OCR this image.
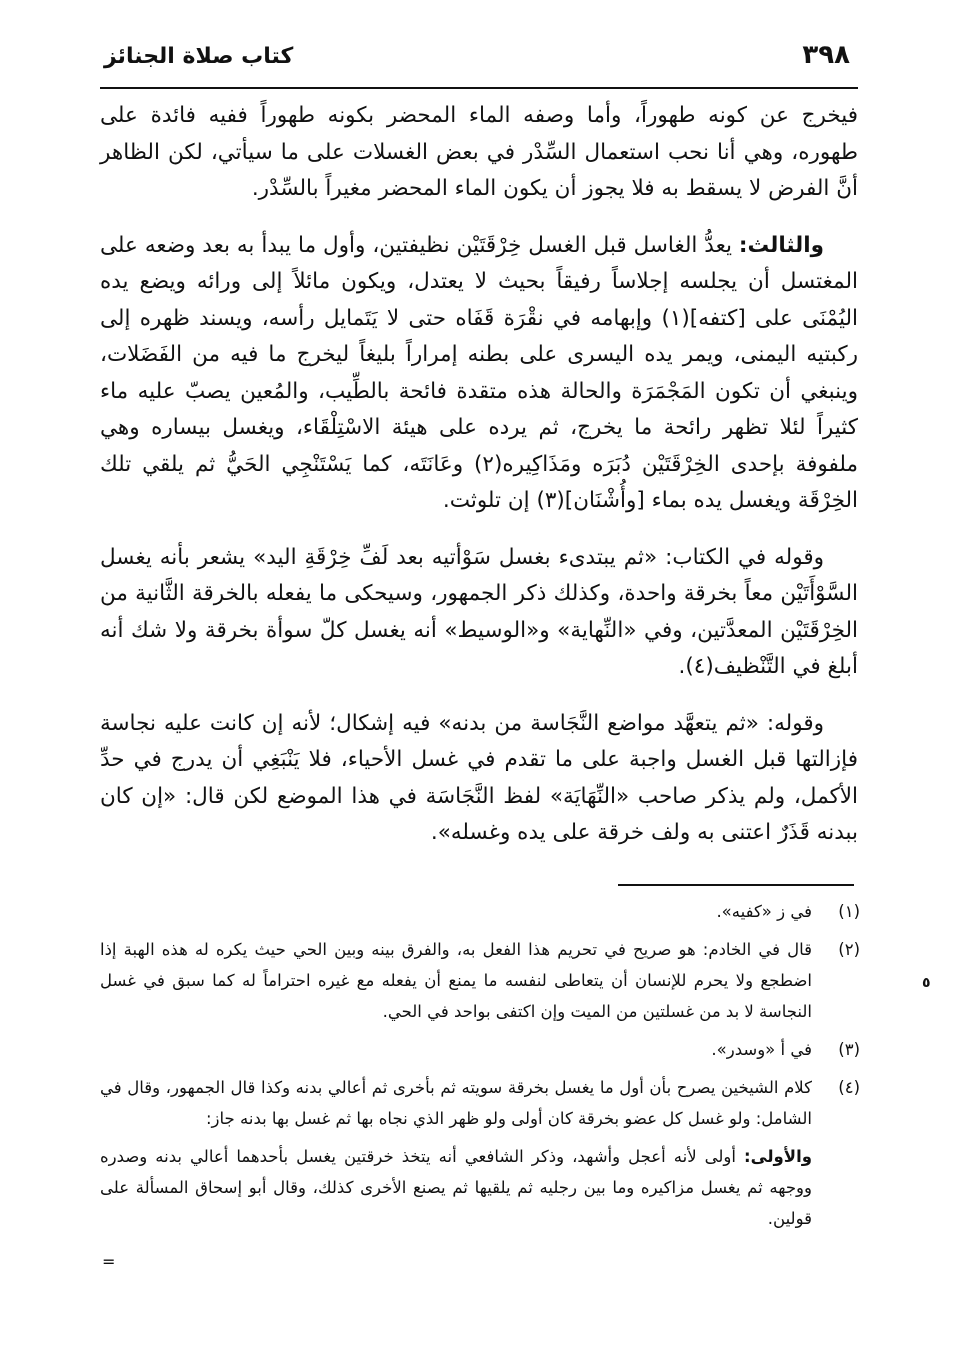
٣٩٨
كتاب صلاة الجنائز

فيخرج عن كونه طهوراً، وأما وصفه الماء المحضر بكونه طهوراً ففيه فائدة على طهوره، وهي أنا نحب استعمال السِّدْر في بعض الغسلات على ما سيأتي، لكن الظاهر أنَّ الفرض لا يسقط به فلا يجوز أن يكون الماء المحضر مغيراً بالسِّدْر.

والثالث: يعدُّ الغاسل قبل الغسل خِرْقَتَيْن نظيفتين، وأول ما يبدأ به بعد وضعه على المغتسل أن يجلسه إجلاساً رفيقاً بحيث لا يعتدل، ويكون مائلاً إلى ورائه ويضع يده اليُمْنَى على [كتفه](١) وإبهامه في نقْرَة قَفَاه حتى لا يَتَمايل رأسه، ويسند ظهره إلى ركبتيه اليمنى، ويمر يده اليسرى على بطنه إمراراً بليغاً ليخرج ما فيه من الفَضَلات، وينبغي أن تكون المَجْمَرَة والحالة هذه متقدة فائحة بالطِّيب، والمُعين يصبّ عليه ماء كثيراً لئلا تظهر رائحة ما يخرج، ثم يرده على هيئة الاسْتِلْقَاء، ويغسل بيساره وهي ملفوفة بإحدى الخِرْقَتَيْن دُبَرَه ومَذَاكِيره(٢) وعَانَتَه، كما يَسْتَنْجِي الحَيُّ ثم يلقي تلك الخِرْقَة ويغسل يده بماء [وأُشْنَان](٣) إن تلوثت.

وقوله في الكتاب: «ثم يبتدىء بغسل سَوْأتيه بعد لَفِّ خِرْقَةِ اليد» يشعر بأنه يغسل السَّوْأَتَيْن معاً بخرقة واحدة، وكذلك ذكر الجمهور، وسيحكى ما يفعله بالخرقة الثَّانية من الخِرْقَتَيْن المعدَّتين، وفي «النِّهاية» و«الوسيط» أنه يغسل كلّ سوأة بخرقة ولا شك أنه أبلغ في التَّنْظيف(٤).

وقوله: «ثم يتعهَّد مواضع النَّجَاسة من بدنه» فيه إشكال؛ لأنه إن كانت عليه نجاسة فإزالتها قبل الغسل واجبة على ما تقدم في غسل الأحياء، فلا يَنْبَغِي أن يدرج في حدِّ الأكمل، ولم يذكر صاحب «النِّهَايَة» لفظ النَّجَاسَة في هذا الموضع لكن قال: «إن كان ببدنه قَذَرٌ اعتنى به ولف خرقة على يده وغسله».

(١)
في ز «كفيه».
(٢)
قال في الخادم: هو صريح في تحريم هذا الفعل به، والفرق بينه وبين الحي حيث يكره له هذه الهبة إذا اضطجع ولا يحرم للإنسان أن يتعاطى لنفسه ما يمنع أن يفعله مع غيره احتراماً له كما سبق في غسل النجاسة لا بد من غسلتين من الميت وإن اكتفى بواحد في الحي.
(٣)
في أ «وسدر».
(٤)
كلام الشيخين يصرح بأن أول ما يغسل بخرقة سويته ثم بأخرى ثم أعالي بدنه وكذا قال الجمهور، وقال في الشامل: ولو غسل كل عضو بخرقة كان أولى ولو ظهر الذي نجاه بها ثم غسل بها بدنه جاز:
والأولى: أولى لأنه أعجل وأشهد، وذكر الشافعي أنه يتخذ خرقتين يغسل بأحدهما أعالي بدنه وصدره ووجهه ثم يغسل مزاكيره وما بين رجليه ثم يلقيها ثم يصنع الأخرى كذلك، وقال أبو إسحاق المسألة على قولين.
٥
=
